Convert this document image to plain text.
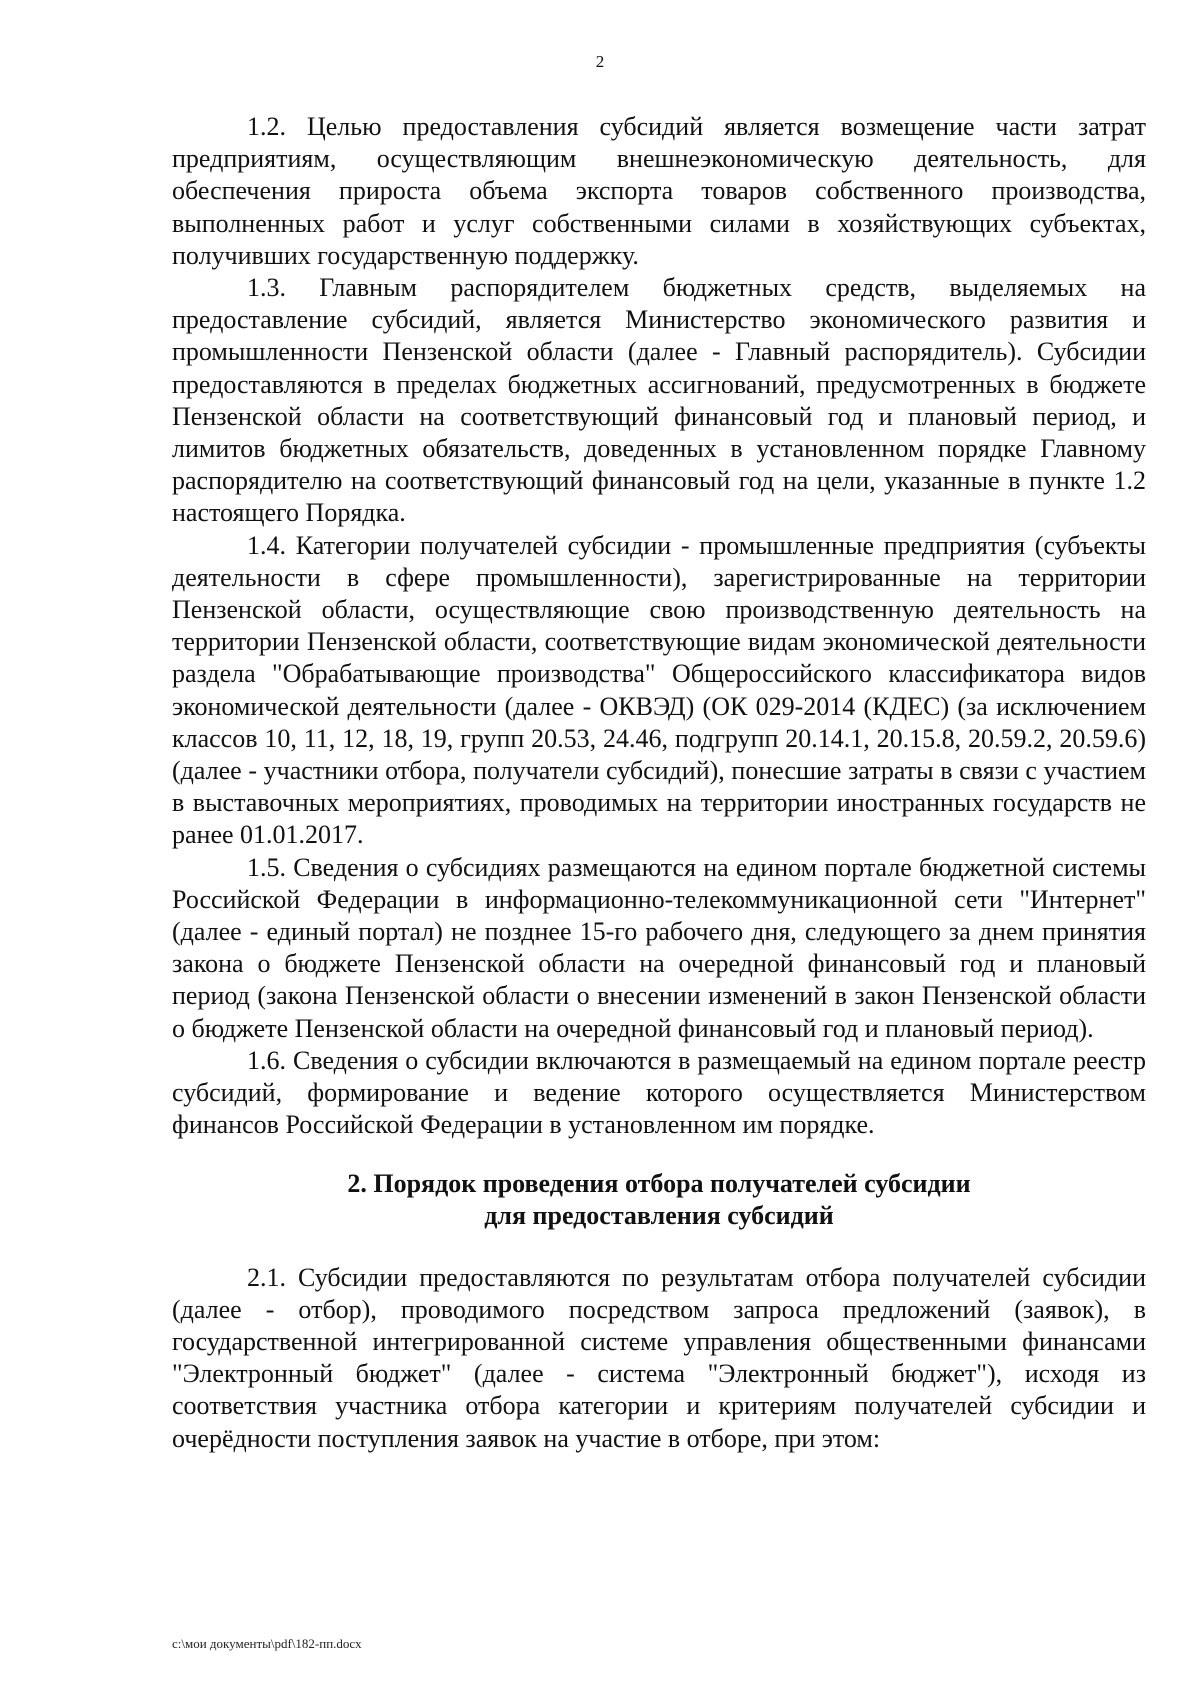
2

1.2. Целью предоставления субсидий является возмещение части затрат предприятиям, осуществляющим внешнеэкономическую деятельность, для обеспечения прироста объема экспорта товаров собственного производства, выполненных работ и услуг собственными силами в хозяйствующих субъектах, получивших государственную поддержку.

1.3. Главным распорядителем бюджетных средств, выделяемых на предоставление субсидий, является Министерство экономического развития и промышленности Пензенской области (далее - Главный распорядитель). Субсидии предоставляются в пределах бюджетных ассигнований, предусмотренных в бюджете Пензенской области на соответствующий финансовый год и плановый период, и лимитов бюджетных обязательств, доведенных в установленном порядке Главному распорядителю на соответствующий финансовый год на цели, указанные в пункте 1.2 настоящего Порядка.

1.4. Категории получателей субсидии - промышленные предприятия (субъекты деятельности в сфере промышленности), зарегистрированные на территории Пензенской области, осуществляющие свою производственную деятельность на территории Пензенской области, соответствующие видам экономической деятельности раздела "Обрабатывающие производства" Общероссийского классификатора видов экономической деятельности (далее - ОКВЭД) (ОК 029-2014 (КДЕС) (за исключением классов 10, 11, 12, 18, 19, групп 20.53, 24.46, подгрупп 20.14.1, 20.15.8, 20.59.2, 20.59.6) (далее - участники отбора, получатели субсидий), понесшие затраты в связи с участием в выставочных мероприятиях, проводимых на территории иностранных государств не ранее 01.01.2017.

1.5. Сведения о субсидиях размещаются на едином портале бюджетной системы Российской Федерации в информационно-телекоммуникационной сети "Интернет" (далее - единый портал) не позднее 15-го рабочего дня, следующего за днем принятия закона о бюджете Пензенской области на очередной финансовый год и плановый период (закона Пензенской области о внесении изменений в закон Пензенской области о бюджете Пензенской области на очередной финансовый год и плановый период).

1.6. Сведения о субсидии включаются в размещаемый на едином портале реестр субсидий, формирование и ведение которого осуществляется Министерством финансов Российской Федерации в установленном им порядке.

2. Порядок проведения отбора получателей субсидии
для предоставления субсидий

2.1. Субсидии предоставляются по результатам отбора получателей субсидии (далее - отбор), проводимого посредством запроса предложений (заявок), в государственной интегрированной системе управления общественными финансами "Электронный бюджет" (далее - система "Электронный бюджет"), исходя из соответствия участника отбора категории и критериям получателей субсидии и очерёдности поступления заявок на участие в отборе, при этом:

c:\мои документы\pdf\182-пп.docx
